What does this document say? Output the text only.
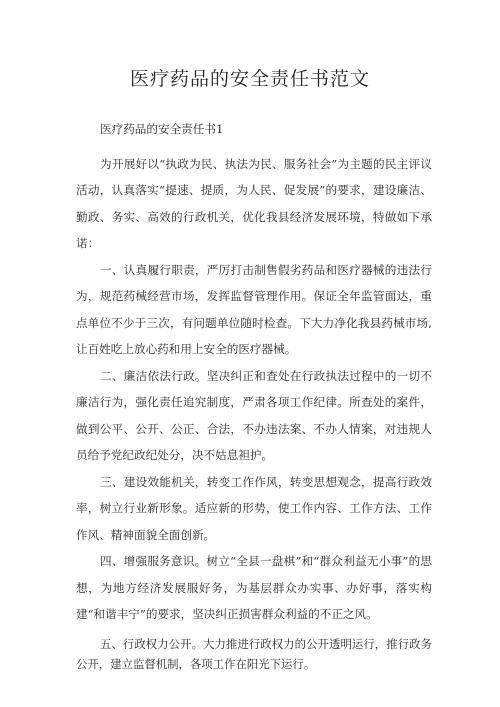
医疗药品的安全责任书范文
医疗药品的安全责任书1

为开展好以“执政为民、执法为民、服务社会”为主题的民主评议活动，认真落实“提速、提质，为人民、促发展”的要求，建设廉洁、勤政、务实、高效的行政机关，优化我县经济发展环境，特做如下承诺：

一、认真履行职责，严厉打击制售假劣药品和医疗器械的违法行为，规范药械经营市场，发挥监督管理作用。保证全年监管面达，重点单位不少于三次，有问题单位随时检查。下大力净化我县药械市场,让百姓吃上放心药和用上安全的医疗器械。

二、廉洁依法行政。坚决纠正和查处在行政执法过程中的一切不廉洁行为，强化责任追究制度，严肃各项工作纪律。所查处的案件，做到公平、公开、公正、合法，不办违法案、不办人情案，对违规人员给予党纪政纪处分，决不姑息袒护。

三、建设效能机关，转变工作作风，转变思想观念，提高行政效率，树立行业新形象。适应新的形势，使工作内容、工作方法、工作作风、精神面貌全面创新。

四、增强服务意识。树立“全县一盘棋”和“群众利益无小事”的思想，为地方经济发展服好务，为基层群众办实事、办好事，落实构建“和谐丰宁”的要求，坚决纠正损害群众利益的不正之风。

五、行政权力公开。大力推进行政权力的公开透明运行，推行政务公开，建立监督机制，各项工作在阳光下运行。
